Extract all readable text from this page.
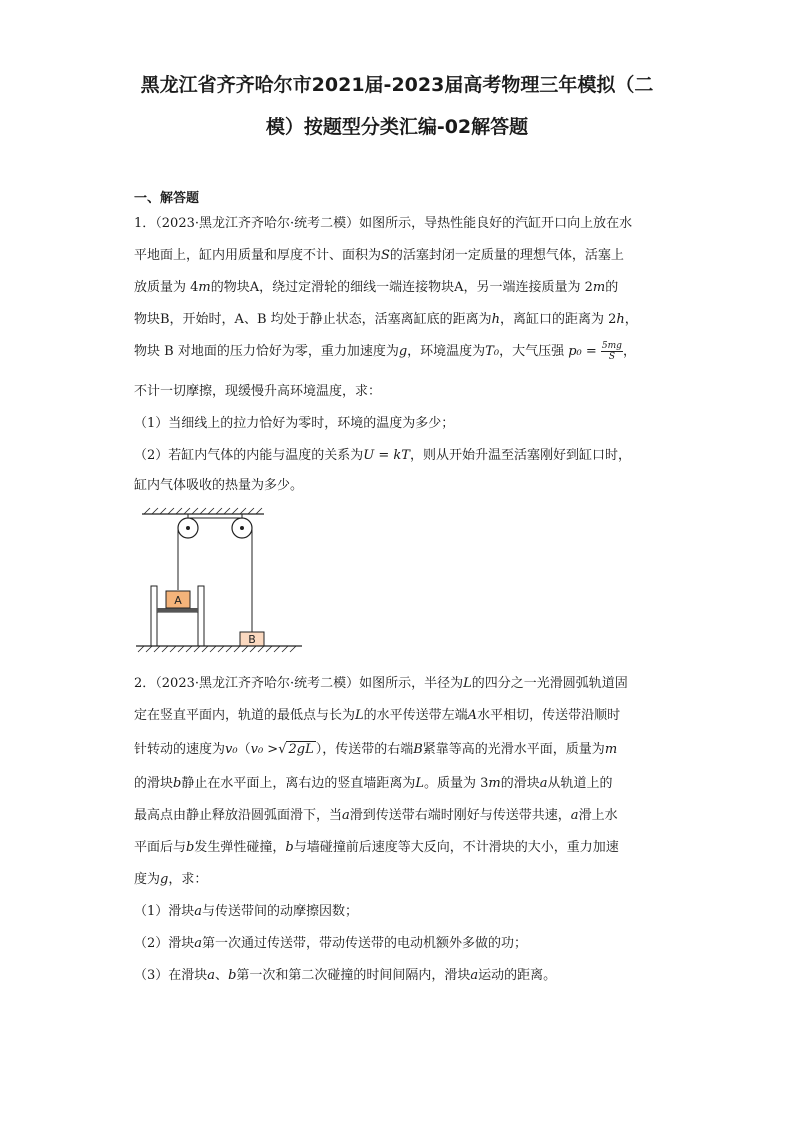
黑龙江省齐齐哈尔市2021届-2023届高考物理三年模拟（二
模）按题型分类汇编-02解答题
一、解答题
1．（2023·黑龙江齐齐哈尔·统考二模）如图所示，导热性能良好的汽缸开口向上放在水
平地面上，缸内用质量和厚度不计、面积为S的活塞封闭一定质量的理想气体，活塞上
放质量为 4m的物块A，绕过定滑轮的细线一端连接物块A，另一端连接质量为 2m的
物块B，开始时，A、B 均处于静止状态，活塞离缸底的距离为h，离缸口的距离为 2h，
物块 B 对地面的压力恰好为零，重力加速度为g，环境温度为T₀，大气压强 $p_0 = \frac{5mg}{S}$ ，
不计一切摩擦，现缓慢升高环境温度，求：
（1）当细线上的拉力恰好为零时，环境的温度为多少；
（2）若缸内气体的内能与温度的关系为U = kT，则从开始升温至活塞刚好到缸口时，
缸内气体吸收的热量为多少。
A
B
2．（2023·黑龙江齐齐哈尔·统考二模）如图所示，半径为L的四分之一光滑圆弧轨道固
定在竖直平面内，轨道的最低点与长为L的水平传送带左端A水平相切，传送带沿顺时
针转动的速度为v₀（v₀ >√ 2gL ），传送带的右端B紧靠等高的光滑水平面，质量为m
的滑块b静止在水平面上，离右边的竖直墙距离为L。质量为 3m的滑块a从轨道上的
最高点由静止释放沿圆弧面滑下，当a滑到传送带右端时刚好与传送带共速，a滑上水
平面后与b发生弹性碰撞，b与墙碰撞前后速度等大反向，不计滑块的大小，重力加速
度为g，求：
（1）滑块a与传送带间的动摩擦因数；
（2）滑块a第一次通过传送带，带动传送带的电动机额外多做的功；
（3）在滑块a、b第一次和第二次碰撞的时间间隔内，滑块a运动的距离。
